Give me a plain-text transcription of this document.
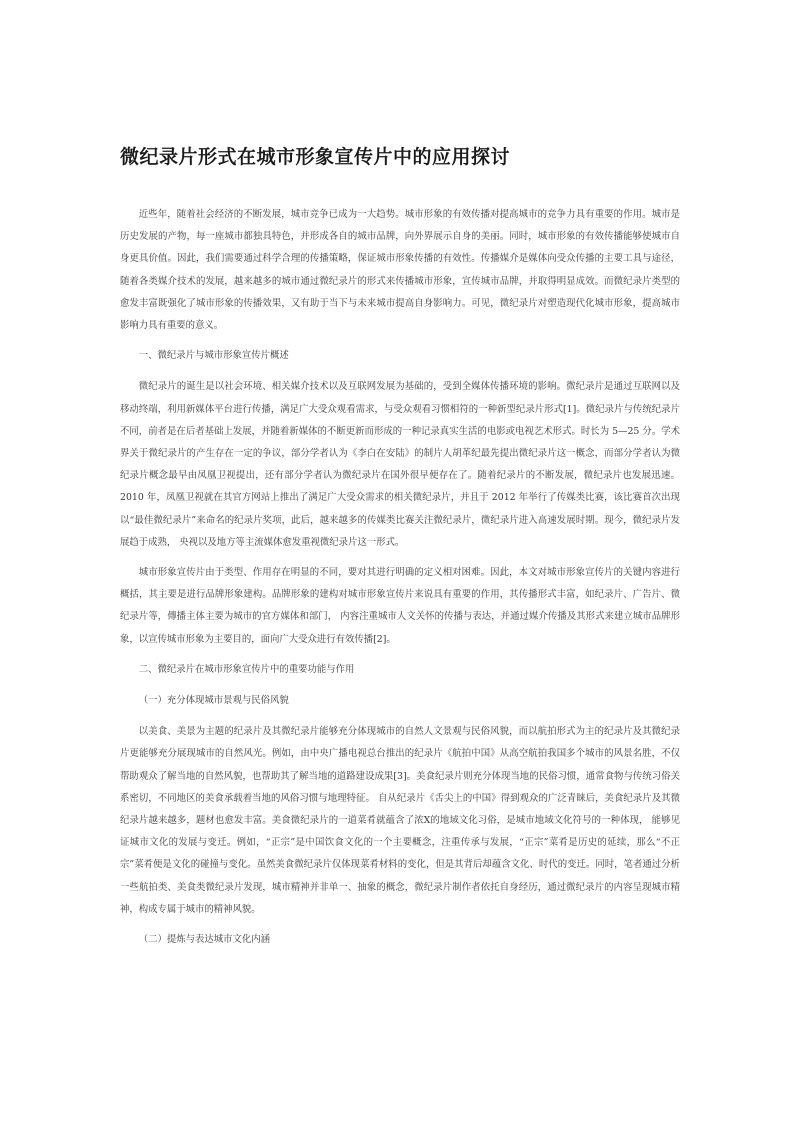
微纪录片形式在城市形象宣传片中的应用探讨

近些年，随着社会经济的不断发展，城市竞争已成为一大趋势。城市形象的有效传播对提高城市的竞争力具有重要的作用。城市是历史发展的产物，每一座城市都独具特色，并形成各自的城市品牌，向外界展示自身的美丽。同时，城市形象的有效传播能够使城市自身更具价值。因此，我们需要通过科学合理的传播策略，保证城市形象传播的有效性。传播媒介是媒体向受众传播的主要工具与途径，随着各类媒介技术的发展，越来越多的城市通过微纪录片的形式来传播城市形象，宣传城市品牌，并取得明显成效。而微纪录片类型的愈发丰富既强化了城市形象的传播效果，又有助于当下与未来城市提高自身影响力。可见，微纪录片对塑造现代化城市形象，提高城市影响力具有重要的意义。

一、微纪录片与城市形象宣传片概述

微纪录片的诞生是以社会环境、相关媒介技术以及互联网发展为基础的，受到全媒体传播环境的影响。微纪录片是通过互联网以及移动终端，利用新媒体平台进行传播，满足广大受众观看需求，与受众观看习惯相符的一种新型纪录片形式[1]。微纪录片与传统纪录片不同，前者是在后者基础上发展，并随着新媒体的不断更新而形成的一种记录真实生活的电影或电视艺术形式。时长为 5—25 分。学术界关于微纪录片的产生存在一定的争议，部分学者认为《李白在安陆》的制片人胡革纪最先提出微纪录片这一概念，而部分学者认为微纪录片概念最早由凤凰卫视提出，还有部分学者认为微纪录片在国外很早便存在了。随着纪录片的不断发展，微纪录片也发展迅速。2010 年，凤凰卫视就在其官方网站上推出了满足广大受众需求的相关微纪录片，并且于 2012 年举行了传媒类比赛，该比赛首次出现以“最佳微纪录片”来命名的纪录片奖项，此后，越来越多的传媒类比赛关注微纪录片，微纪录片进入高速发展时期。现今，微纪录片发展趋于成熟， 央视以及地方等主流媒体愈发重视微纪录片这一形式。

城市形象宣传片由于类型、作用存在明显的不同，要对其进行明确的定义相对困难。因此，本文对城市形象宣传片的关键内容进行概括，其主要是进行品牌形象建构。品牌形象的建构对城市形象宣传片来说具有重要的作用，其传播形式丰富，如纪录片、广告片、微纪录片等，傳播主体主要为城市的官方媒体和部门， 内容注重城市人文关怀的传播与表达，并通过媒介传播及其形式来建立城市品牌形象，以宣传城市形象为主要目的，面向广大受众进行有效传播[2]。

二、微纪录片在城市形象宣传片中的重要功能与作用

（一）充分体现城市景观与民俗风貌

以美食、美景为主题的纪录片及其微纪录片能够充分体现城市的自然人文景观与民俗风貌，而以航拍形式为主的纪录片及其微纪录片更能够充分展现城市的自然风光。例如，由中央广播电视总台推出的纪录片《航拍中国》从高空航拍我国多个城市的风景名胜，不仅帮助观众了解当地的自然风貌，也帮助其了解当地的道路建设成果[3]。美食纪录片则充分体现当地的民俗习惯，通常食物与传统习俗关系密切，不同地区的美食承载着当地的风俗习惯与地理特征。 自从纪录片《舌尖上的中国》得到观众的广泛青睐后，美食纪录片及其微纪录片越来越多，题材也愈发丰富。美食微纪录片的一道菜肴就蕴含了浓X的地域文化习俗，是城市地域文化符号的一种体现， 能够见证城市文化的发展与变迁。例如，“正宗”是中国饮食文化的一个主要概念，注重传承与发展，“正宗”菜肴是历史的延续，那么“不正宗”菜肴便是文化的碰撞与变化。虽然美食微纪录片仅体现菜肴材料的变化，但是其背后却蕴含文化、时代的变迁。同时，笔者通过分析一些航拍类、美食类微纪录片发现，城市精神并非单一、抽象的概念，微纪录片制作者依托自身经历，通过微纪录片的内容呈现城市精神，构成专属于城市的精神风貌。

（二）提炼与表达城市文化内涵
